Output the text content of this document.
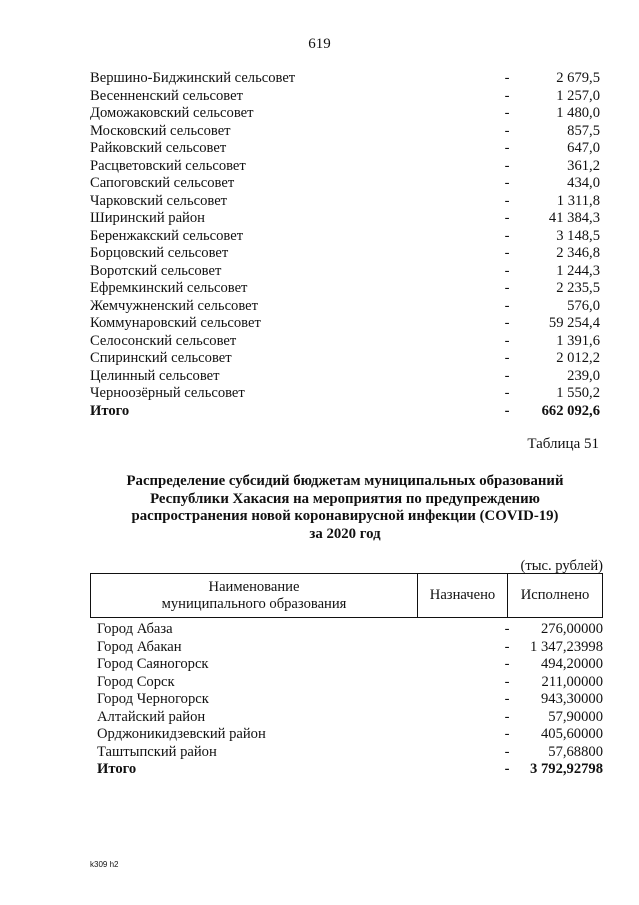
619
Вершино-Биджинский сельсовет	-	2 679,5
Весенненский сельсовет	-	1 257,0
Доможаковский сельсовет	-	1 480,0
Московский сельсовет	-	857,5
Райковский сельсовет	-	647,0
Расцветовский сельсовет	-	361,2
Сапоговский сельсовет	-	434,0
Чарковский сельсовет	-	1 311,8
Ширинский район	-	41 384,3
Беренжакский сельсовет	-	3 148,5
Борцовский сельсовет	-	2 346,8
Воротский сельсовет	-	1 244,3
Ефремкинский сельсовет	-	2 235,5
Жемчужненский сельсовет	-	576,0
Коммунаровский сельсовет	-	59 254,4
Селосонский сельсовет	-	1 391,6
Спиринский сельсовет	-	2 012,2
Целинный сельсовет	-	239,0
Черноозёрный сельсовет	-	1 550,2
Итого	-	662 092,6
Таблица 51
Распределение субсидий бюджетам муниципальных образований
Республики Хакасия на мероприятия по предупреждению
распространения новой коронавирусной инфекции (COVID-19)
за 2020 год
(тыс. рублей)
Наименование
муниципального образования
Назначено	Исполнено
Город Абаза	-	276,00000
Город Абакан	-	1 347,23998
Город Саяногорск	-	494,20000
Город Сорск	-	211,00000
Город Черногорск	-	943,30000
Алтайский район	-	57,90000
Орджоникидзевский район	-	405,60000
Таштыпский район	-	57,68800
Итого	-	3 792,92798
k309 h2
